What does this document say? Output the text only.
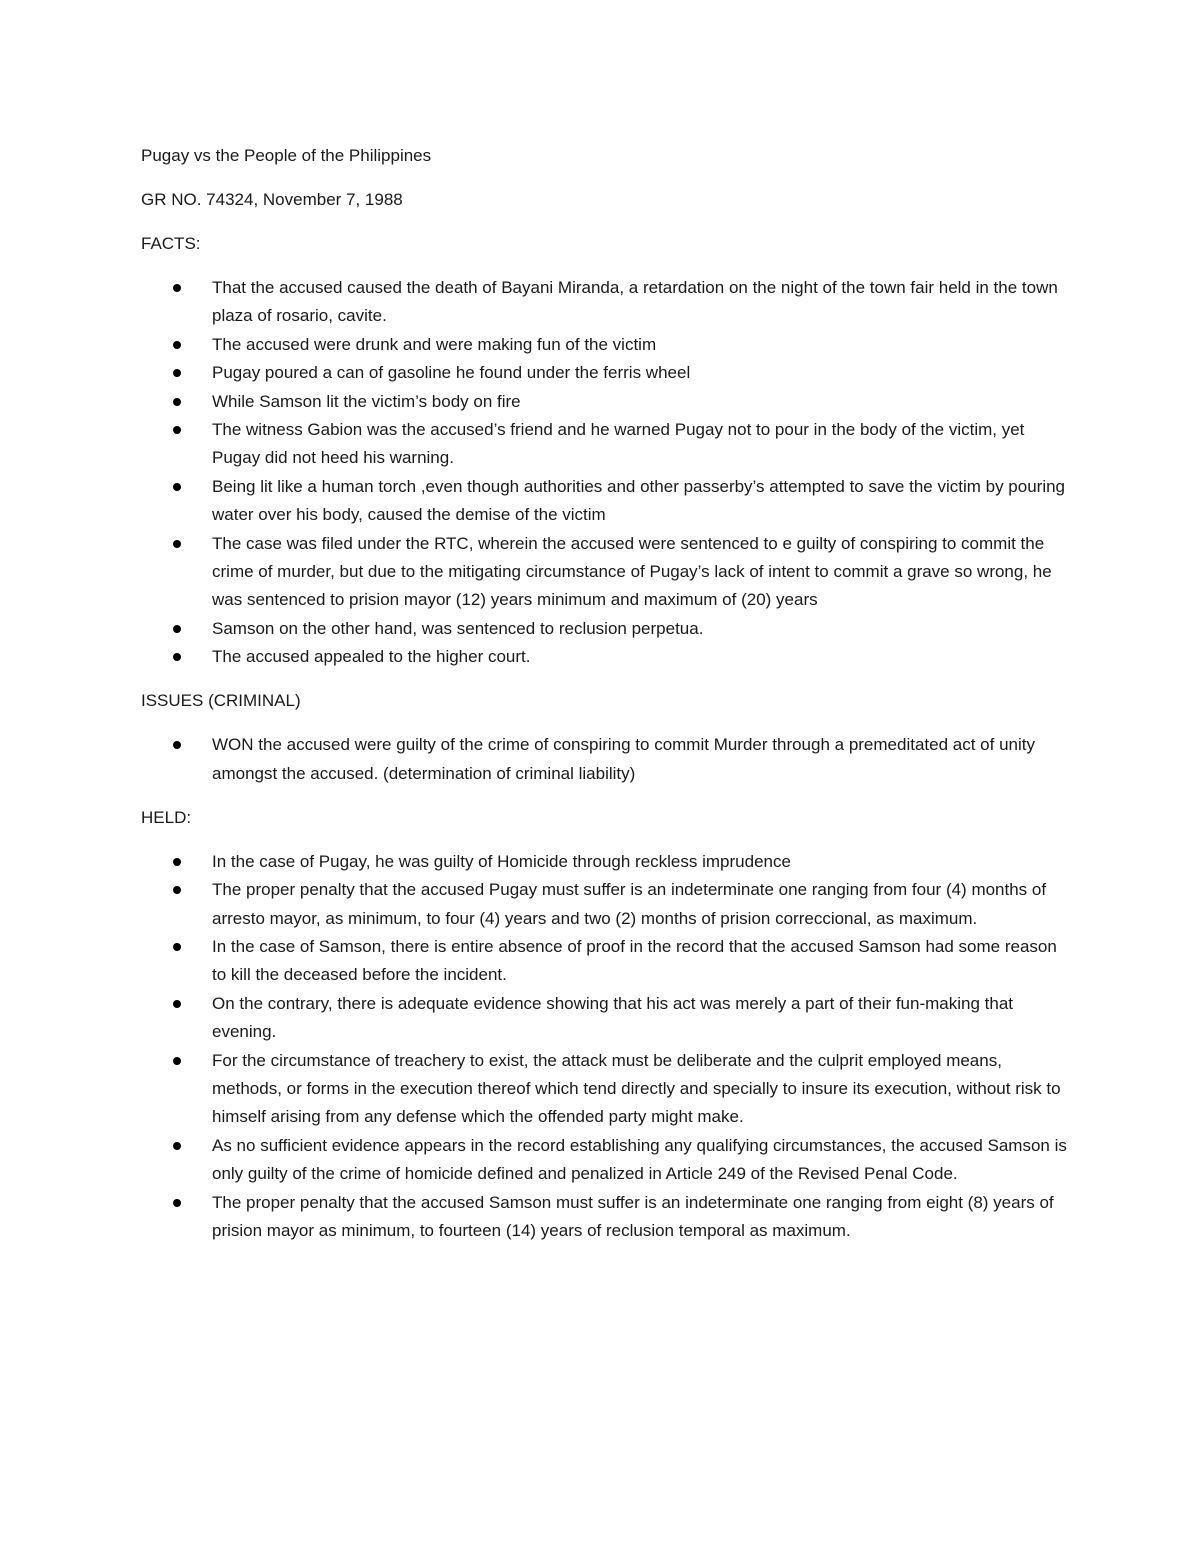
Pugay vs the People of the Philippines

GR NO. 74324, November 7, 1988

FACTS:

That the accused caused the death of Bayani Miranda, a retardation on the night of the town fair held in the town plaza of rosario, cavite.
The accused were drunk and were making fun of the victim
Pugay poured a can of gasoline he found under the ferris wheel
While Samson lit the victim’s body on fire
The witness Gabion was the accused’s friend and he warned Pugay not to pour in the body of the victim, yet Pugay did not heed his warning.
Being lit like a human torch ,even though authorities and other passerby’s attempted to save the victim by pouring water over his body, caused the demise of the victim
The case was filed under the RTC, wherein the accused were sentenced to e guilty of conspiring to commit the crime of murder, but due to the mitigating circumstance of Pugay’s lack of intent to commit a grave so wrong, he was sentenced to prision mayor (12) years minimum and maximum of (20) years
Samson on the other hand, was sentenced to reclusion perpetua.
The accused appealed to the higher court.

ISSUES (CRIMINAL)

WON the accused were guilty of the crime of conspiring to commit Murder through a premeditated act of unity amongst the accused. (determination of criminal liability)

HELD:

In the case of Pugay, he was guilty of Homicide through reckless imprudence
The proper penalty that the accused Pugay must suffer is an indeterminate one ranging from four (4) months of arresto mayor, as minimum, to four (4) years and two (2) months of prision correccional, as maximum.
In the case of Samson, there is entire absence of proof in the record that the accused Samson had some reason to kill the deceased before the incident.
On the contrary, there is adequate evidence showing that his act was merely a part of their fun-making that evening.
For the circumstance of treachery to exist, the attack must be deliberate and the culprit employed means, methods, or forms in the execution thereof which tend directly and specially to insure its execution, without risk to himself arising from any defense which the offended party might make.
As no sufficient evidence appears in the record establishing any qualifying circumstances, the accused Samson is only guilty of the crime of homicide defined and penalized in Article 249 of the Revised Penal Code.
The proper penalty that the accused Samson must suffer is an indeterminate one ranging from eight (8) years of prision mayor as minimum, to fourteen (14) years of reclusion temporal as maximum.
